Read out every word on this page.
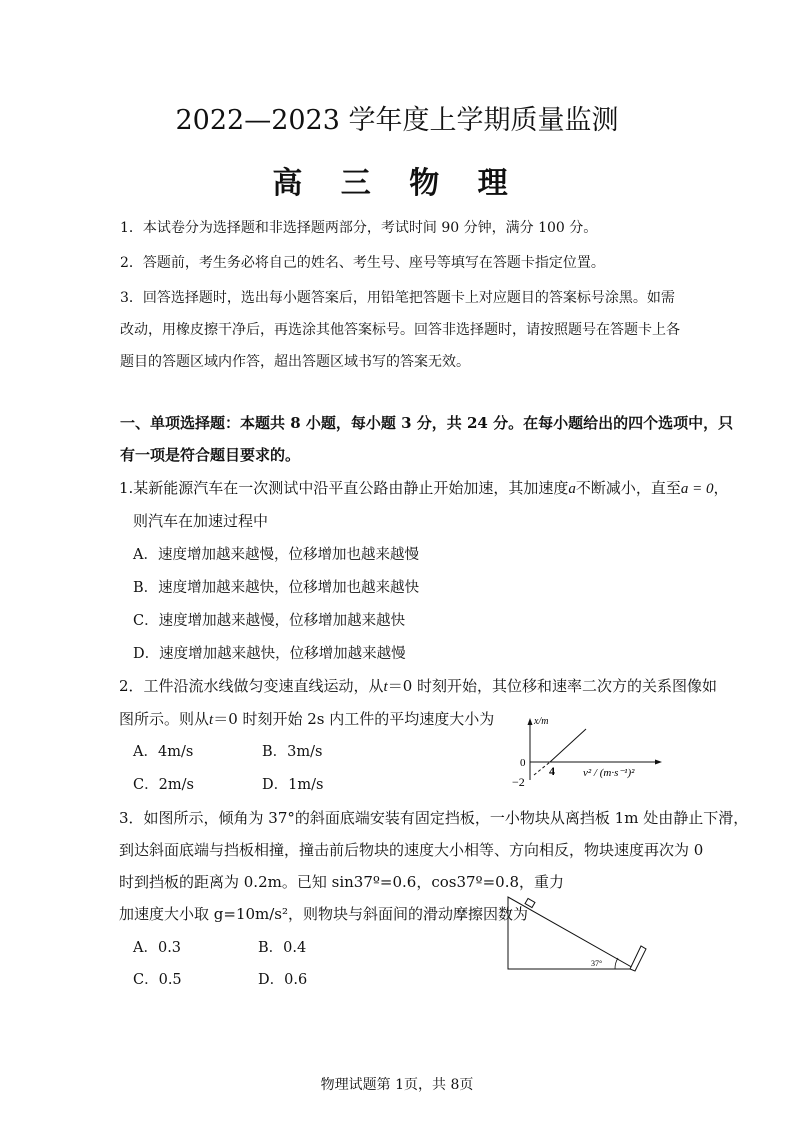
2022—2023 学年度上学期质量监测
高 三 物 理
1．本试卷分为选择题和非选择题两部分，考试时间 90 分钟，满分 100 分。
2．答题前，考生务必将自己的姓名、考生号、座号等填写在答题卡指定位置。
3．回答选择题时，选出每小题答案后，用铅笔把答题卡上对应题目的答案标号涂黑。如需
改动，用橡皮擦干净后，再选涂其他答案标号。回答非选择题时，请按照题号在答题卡上各
题目的答题区域内作答，超出答题区域书写的答案无效。
一、单项选择题：本题共 8 小题，每小题 3 分，共 24 分。在每小题给出的四个选项中，只
有一项是符合题目要求的。
1.某新能源汽车在一次测试中沿平直公路由静止开始加速，其加速度a不断减小，直至a = 0，
则汽车在加速过程中
A．速度增加越来越慢，位移增加也越来越慢
B．速度增加越来越快，位移增加也越来越快
C．速度增加越来越慢，位移增加越来越快
D．速度增加越来越快，位移增加越来越慢
2．工件沿流水线做匀变速直线运动，从t＝0 时刻开始，其位移和速率二次方的关系图像如
图所示。则从t＝0 时刻开始 2s 内工件的平均速度大小为
A．4m/s	B．3m/s
C．2m/s	D．1m/s
x/m
0
−2
4	v² / (m·s⁻¹)²
3．如图所示，倾角为 37°的斜面底端安装有固定挡板，一小物块从离挡板 1m 处由静止下滑，
到达斜面底端与挡板相撞，撞击前后物块的速度大小相等、方向相反，物块速度再次为 0
时到挡板的距离为 0.2m。已知 sin37º=0.6，cos37º=0.8，重力
加速度大小取 g=10m/s²，则物块与斜面间的滑动摩擦因数为
A．0.3	B．0.4
C．0.5	D．0.6
37°
物理试题第 1页，共 8页
